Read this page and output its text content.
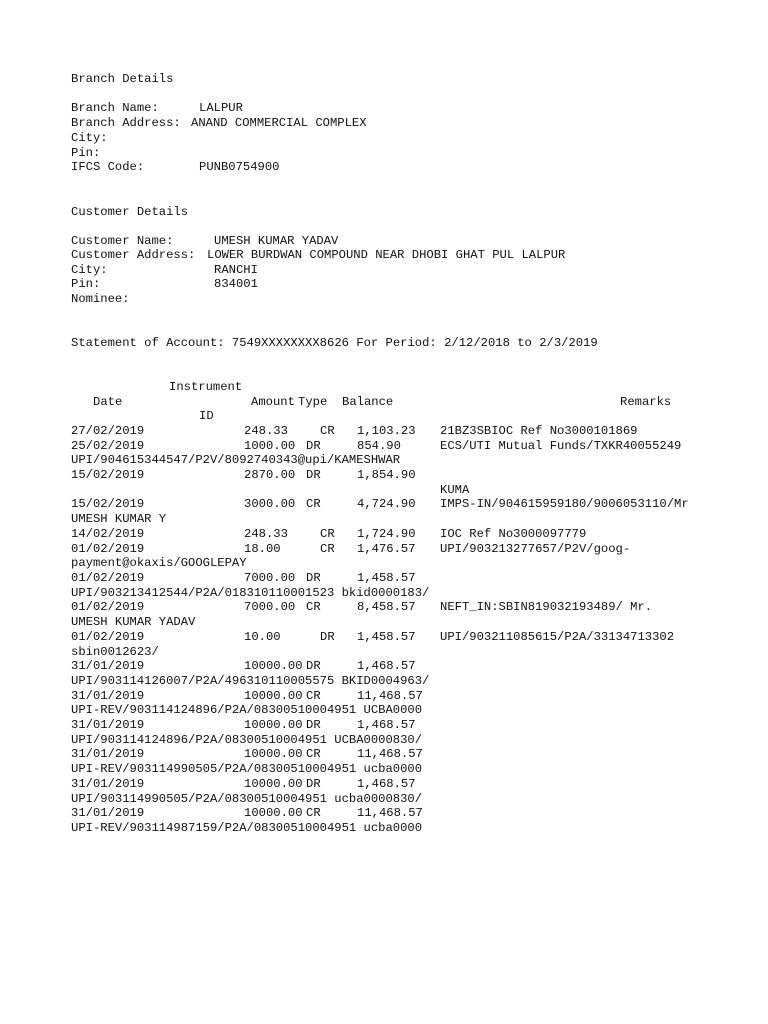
Branch Details
Branch Name:	LALPUR
Branch Address: ANAND COMMERCIAL COMPLEX
City:
Pin:
IFCS Code:	PUNB0754900
Customer Details
Customer Name:	UMESH KUMAR YADAV
Customer Address: LOWER BURDWAN COMPOUND NEAR DHOBI GHAT PUL LALPUR
City:	RANCHI
Pin:	834001
Nominee:
Statement of Account: 7549XXXXXXXX8626 For Period: 2/12/2018 to 2/3/2019
Instrument
Date	Amount Type Balance	Remarks
ID
27/02/2019	248.33	CR 1,103.23 21BZ3SBIOC Ref No3000101869
25/02/2019	1000.00 DR	854.90	ECS/UTI Mutual Funds/TXKR40055249
UPI/904615344547/P2V/8092740343@upi/KAMESHWAR
15/02/2019	2870.00 DR	1,854.90
KUMA
15/02/2019	3000.00 CR	4,724.90 IMPS-IN/904615959180/9006053110/Mr
UMESH KUMAR Y
14/02/2019	248.33	CR 1,724.90 IOC Ref No3000097779
01/02/2019	18.00	CR 1,476.57 UPI/903213277657/P2V/goog-
payment@okaxis/GOOGLEPAY
01/02/2019	7000.00 DR	1,458.57
UPI/903213412544/P2A/018310110001523 bkid0000183/
01/02/2019	7000.00 CR	8,458.57 NEFT_IN:SBIN819032193489/ Mr.
UMESH KUMAR YADAV
01/02/2019	10.00	DR 1,458.57 UPI/903211085615/P2A/33134713302
sbin0012623/
31/01/2019	10000.00 DR	1,468.57
UPI/903114126007/P2A/496310110005575 BKID0004963/
31/01/2019	10000.00 CR	11,468.57
UPI-REV/903114124896/P2A/08300510004951 UCBA0000
31/01/2019	10000.00 DR	1,468.57
UPI/903114124896/P2A/08300510004951 UCBA0000830/
31/01/2019	10000.00 CR	11,468.57
UPI-REV/903114990505/P2A/08300510004951 ucba0000
31/01/2019	10000.00 DR	1,468.57
UPI/903114990505/P2A/08300510004951 ucba0000830/
31/01/2019	10000.00 CR	11,468.57
UPI-REV/903114987159/P2A/08300510004951 ucba0000
